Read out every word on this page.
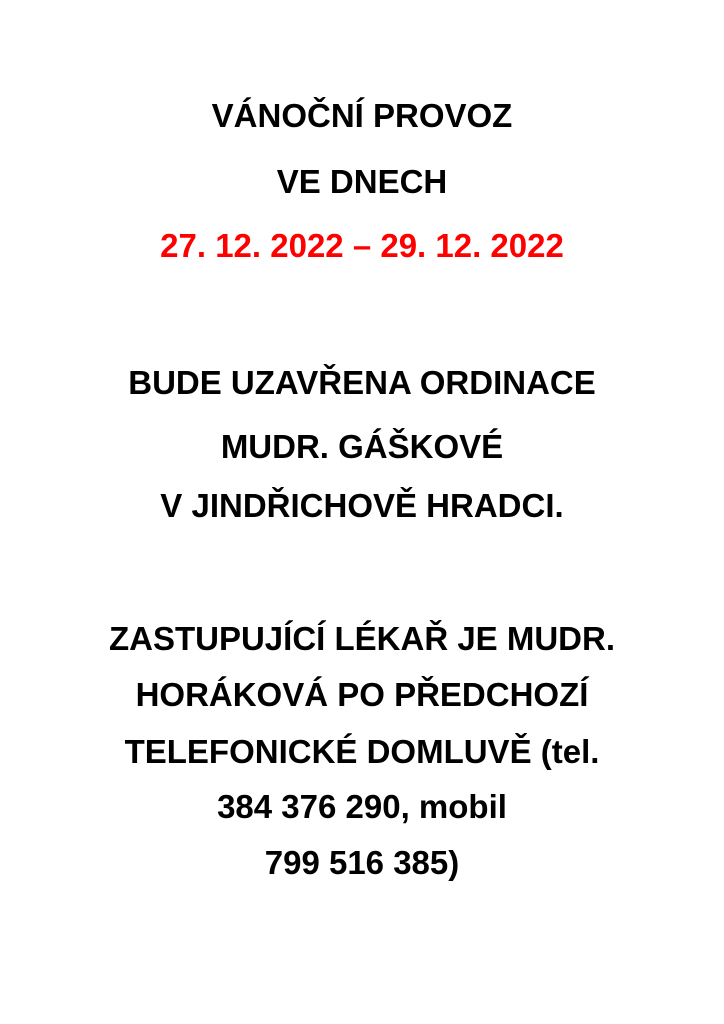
VÁNOČNÍ PROVOZ
VE DNECH
27. 12. 2022 – 29. 12. 2022
BUDE UZAVŘENA ORDINACE
MUDR. GÁŠKOVÉ
V JINDŘICHOVĚ HRADCI.
ZASTUPUJÍCÍ LÉKAŘ JE MUDR.
HORÁKOVÁ PO PŘEDCHOZÍ
TELEFONICKÉ DOMLUVĚ (tel.
384 376 290, mobil
799 516 385)
